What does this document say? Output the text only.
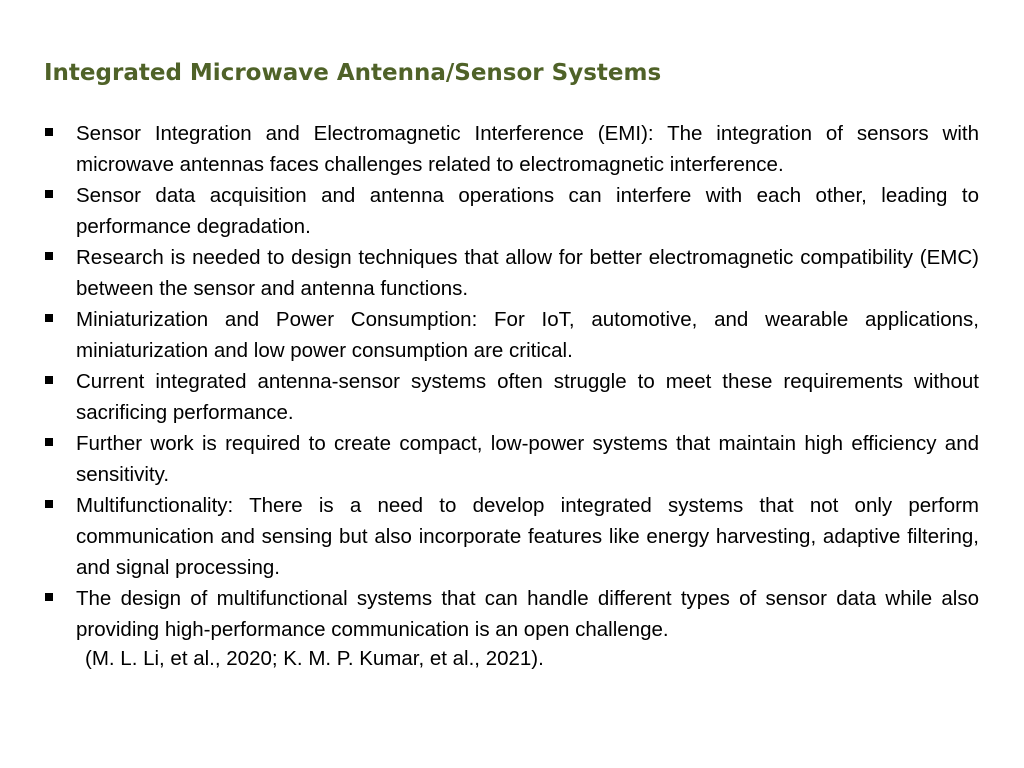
Integrated Microwave Antenna/Sensor Systems
Sensor Integration and Electromagnetic Interference (EMI): The integration of sensors with microwave antennas faces challenges related to electromagnetic interference.
Sensor data acquisition and antenna operations can interfere with each other, leading to performance degradation.
Research is needed to design techniques that allow for better electromagnetic compatibility (EMC) between the sensor and antenna functions.
Miniaturization and Power Consumption: For IoT, automotive, and wearable applications, miniaturization and low power consumption are critical.
Current integrated antenna-sensor systems often struggle to meet these requirements without sacrificing performance.
Further work is required to create compact, low-power systems that maintain high efficiency and sensitivity.
Multifunctionality: There is a need to develop integrated systems that not only perform communication and sensing but also incorporate features like energy harvesting, adaptive filtering, and signal processing.
The design of multifunctional systems that can handle different types of sensor data while also providing high-performance communication is an open challenge.

(M. L. Li, et al., 2020; K. M. P. Kumar, et al., 2021).
